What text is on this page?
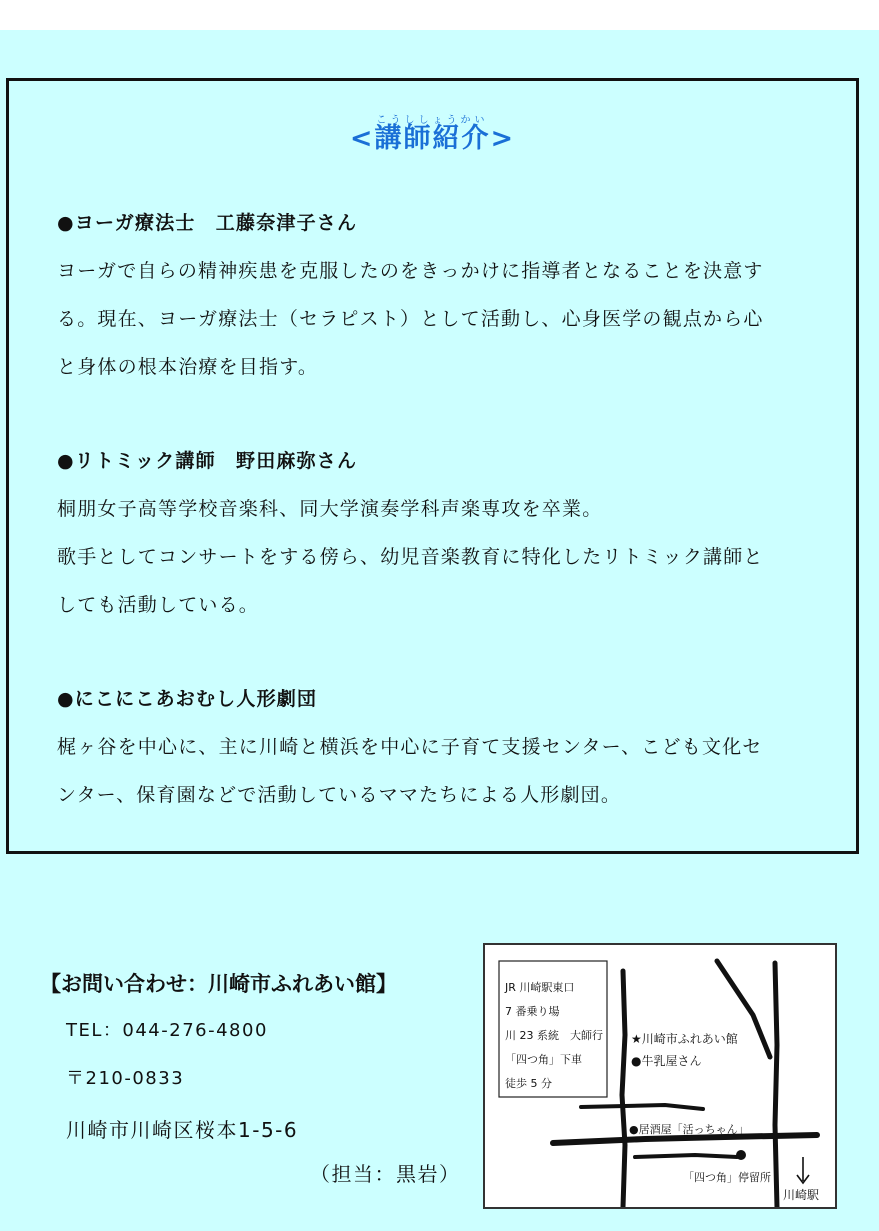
こうししょうかい
<講師紹介>

●ヨーガ療法士　工藤奈津子さん

ヨーガで自らの精神疾患を克服したのをきっかけに指導者となることを決意す

る。現在、ヨーガ療法士（セラピスト）として活動し、心身医学の観点から心

と身体の根本治療を目指す。

●リトミック講師　野田麻弥さん

桐朋女子高等学校音楽科、同大学演奏学科声楽専攻を卒業。

歌手としてコンサートをする傍ら、幼児音楽教育に特化したリトミック講師と

しても活動している。

●にこにこあおむし人形劇団

梶ヶ谷を中心に、主に川崎と横浜を中心に子育て支援センター、こども文化セ

ンター、保育園などで活動しているママたちによる人形劇団。

【お問い合わせ：川崎市ふれあい館】
TEL：044-276-4800
〒210-0833
川崎市川崎区桜本1-5-6
（担当：黒岩）
JR 川崎駅東口
7 番乗り場
川 23 系統　大師行
「四つ角」下車
徒歩 5 分
★川崎市ふれあい館
●牛乳屋さん
●居酒屋「活っちゃん」
「四つ角」停留所
川崎駅
